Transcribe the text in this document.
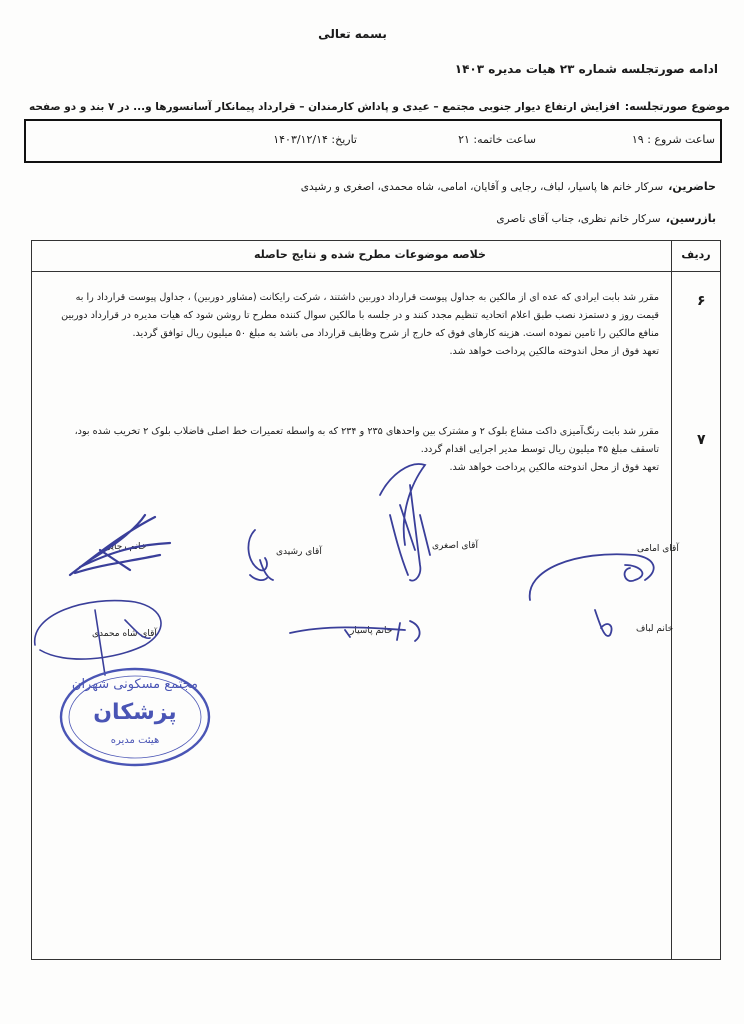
بسمه تعالی
ادامه صورتجلسه شماره ۲۳ هیات مدیره ۱۴۰۳
موضوع صورتجلسه: افزایش ارتفاع دیوار جنوبی مجتمع – عیدی و پاداش کارمندان – قرارداد پیمانکار آسانسورها و... در ۷ بند و دو صفحه
ساعت شروع : ۱۹
ساعت خاتمه: ۲۱
تاریخ: ۱۴۰۳/۱۲/۱۴
حاضرین، سرکار خانم ها پاسیار، لباف، رجایی و آقایان، امامی، شاه محمدی، اصغری و رشیدی
بازرسین، سرکار خانم نظری، جناب آقای ناصری
ردیف
خلاصه موضوعات مطرح شده و نتایج حاصله
۶
مقرر شد بابت ایرادی که عده ای از مالکین به جداول پیوست قرارداد دوربین داشتند ، شرکت رایکانت (مشاور دوربین) ، جداول پیوست قرارداد را به
قیمت روز و دستمزد نصب طبق اعلام اتحادیه تنظیم مجدد کنند و در جلسه با مالکین سوال کننده مطرح تا روشن شود که هیات مدیره در قرارداد دوربین
منافع مالکین را تامین نموده است. هزینه کارهای فوق که خارج از شرح وظایف قرارداد می باشد به مبلغ ۵۰ میلیون ریال توافق گردید.
تعهد فوق از محل اندوخته مالکین پرداخت خواهد شد.
۷
مقرر شد بابت رنگ‌آمیزی داکت مشاع بلوک ۲ و مشترک بین واحدهای ۲۳۵ و ۲۳۴ که به واسطه تعمیرات خط اصلی فاضلاب بلوک ۲ تخریب شده بود،
تاسقف مبلغ ۴۵ میلیون ریال توسط مدیر اجرایی اقدام گردد.
تعهد فوق از محل اندوخته مالکین پرداخت خواهد شد.
خانم رجایی	آقای رشیدی
آقای اصغری	آقای امامی
آقای شاه محمدی	خانم پاسیار	خانم لباف
مجتمع مسکونی شهران
پزشکان
هیئت مدیره
